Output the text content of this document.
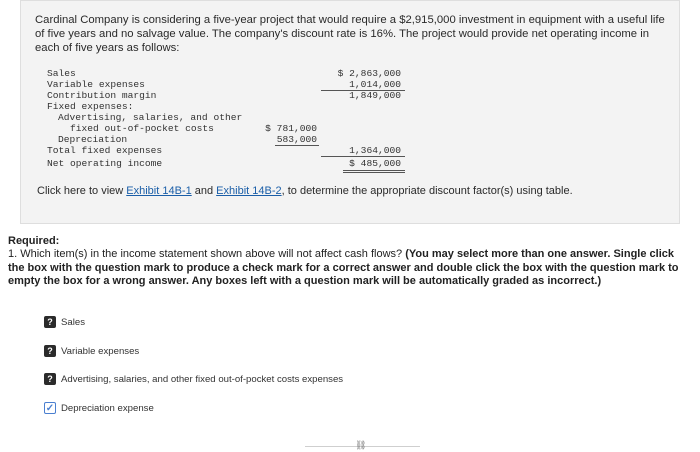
Cardinal Company is considering a five-year project that would require a $2,915,000 investment in equipment with a useful life of five years and no salvage value. The company's discount rate is 16%. The project would provide net operating income in each of five years as follows:
Sales	$ 2,863,000
Variable expenses	1,014,000
Contribution margin	1,849,000
Fixed expenses:
Advertising, salaries, and other
fixed out-of-pocket costs	$ 781,000
Depreciation	583,000
Total fixed expenses	1,364,000
Net operating income	$ 485,000
Click here to view Exhibit 14B-1 and Exhibit 14B-2, to determine the appropriate discount factor(s) using table.
Required:
1. Which item(s) in the income statement shown above will not affect cash flows? (You may select more than one answer. Single click the box with the question mark to produce a check mark for a correct answer and double click the box with the question mark to empty the box for a wrong answer. Any boxes left with a question mark will be automatically graded as incorrect.)
? Sales
? Variable expenses
? Advertising, salaries, and other fixed out-of-pocket costs expenses
✓ Depreciation expense
⛓
